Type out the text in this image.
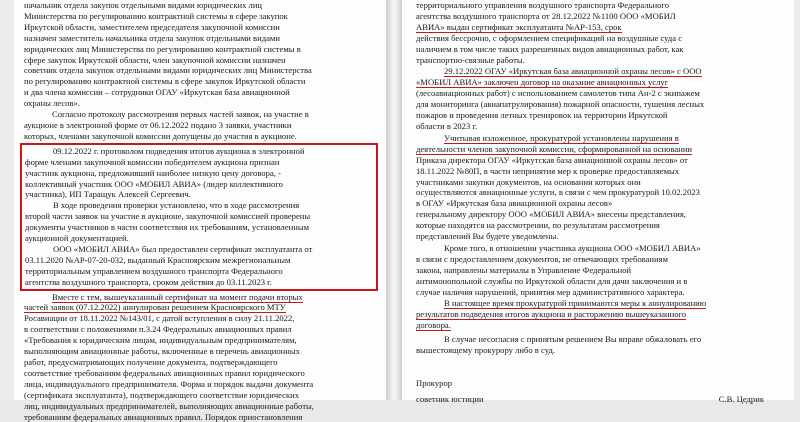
начальник отдела закупок отдельными видами юридических лиц
Министерства по регулированию контрактной системы в сфере закупок
Иркутской области, заместителем председателя закупочной комиссии
назначен заместитель начальника отдела закупок отдельными видами
юридических лиц Министерства по регулированию контрактной системы в
сфере закупок Иркутской области, член закупочной комиссии назначен
советник отдела закупок отдельными видами юридических лиц Министерства
по регулированию контрактной системы в сфере закупок Иркутской области
и два члена комиссии – сотрудники ОГАУ «Иркутская база авиационной
охраны лесов».
Согласно протоколу рассмотрения первых частей заявок, на участие в
аукционе в электронной форме от 06.12.2022 подано 3 заявки, участники
которых, членами закупочной комиссии допущены до участия в аукционе.
09.12.2022 г. протоколом подведения итогов аукциона в электронной
форме членами закупочной комиссии победителем аукциона признан
участник аукциона, предложивший наиболее низкую цену договора, -
коллективный участник ООО «МОБИЛ АВИА» (лидер коллективного
участника), ИП Таращук Алексей Сергеевич.
В ходе проведения проверки установлено, что в ходе рассмотрения
второй части заявок на участие в аукционе, закупочной комиссией проверены
документы участников в части соответствия их требованиям, установленным
аукционной документацией.
ООО «МОБИЛ АВИА» был предоставлен сертификат эксплуатанта от
03.11.2020 №АР-07-20-032, выданный Красноярским межрегиональным
территориальным управлением воздушного транспорта Федерального
агентства воздушного транспорта, сроком действия до 03.11.2023 г.
Вместе с тем, вышеуказанный сертификат на момент подачи вторых
частей заявок (07.12.2022) аннулирован решением Красноярского МТУ
Росавиации от 18.11.2022 №143/01, с датой вступления в силу 21.11.2022,
в соответствии с положениями п.3.24 Федеральных авиационных правил
«Требования к юридическим лицам, индивидуальным предпринимателям,
выполняющим авиационные работы, включенные в перечень авиационных
работ, предусматривающих получение документа, подтверждающего
соответствие требованиям федеральных авиационных правил юридического
лица, индивидуального предпринимателя. Форма и порядок выдачи документа
(сертификата эксплуатанта), подтверждающего соответствие юридических
лиц, индивидуальных предпринимателей, выполняющих авиационные работы,
требованиям федеральных авиационных правил. Порядок приостановления
территориального управления воздушного транспорта Федерального
агентства воздушного транспорта от 28.12.2022 №1100 ООО «МОБИЛ
АВИА» выдан сертификат эксплуатанта №АР-153, срок
действия бессрочно, с оформлением спецификаций на воздушные суда с
наличием в том числе таких разрешенных видов авиационных работ, как
транспортно-связные работы.
29.12.2022 ОГАУ «Иркутская база авиационной охраны лесов» с ООО
«МОБИЛ АВИА» заключен договор на оказание авиационных услуг
(лесоавиационных работ) с использованием самолетов типа Ан-2 с экипажем
для мониторинга (авиапатрулирования) пожарной опасности, тушения лесных
пожаров и проведения летных тренировок на территории Иркутской
области в 2023 г.
Учитывая изложенное, прокуратурой установлены нарушения в
деятельности членов закупочной комиссии, сформированной на основании
Приказа директора ОГАУ «Иркутская база авиационной охраны лесов» от
18.11.2022 №80П, в части непринятия мер к проверке предоставляемых
участниками закупки документов, на основании которых они
осуществляются авиационные услуги, в связи с чем прокуратурой 10.02.2023
в ОГАУ «Иркутская база авиационной охраны лесов»
генеральному директору ООО «МОБИЛ АВИА» внесены представления,
которые находятся на рассмотрении, по результатам рассмотрения
представлений Вы будете уведомлены.
Кроме того, в отношении участника аукциона ООО «МОБИЛ АВИА»
в связи с предоставлением документов, не отвечающих требованиям
закона, направлены материалы в Управление Федеральной
антимонопольной службы по Иркутской области для дачи заключения и в
случае наличия нарушений, принятия мер административного характера.
В настоящее время прокуратурой принимаются меры к аннулированию
результатов подведения итогов аукциона и расторжению вышеуказанного
договора.
В случае несогласия с принятым решением Вы вправе обжаловать его
вышестоящему прокурору либо в суд.
Прокурор
советник юстиции	С.В. Цедрик
